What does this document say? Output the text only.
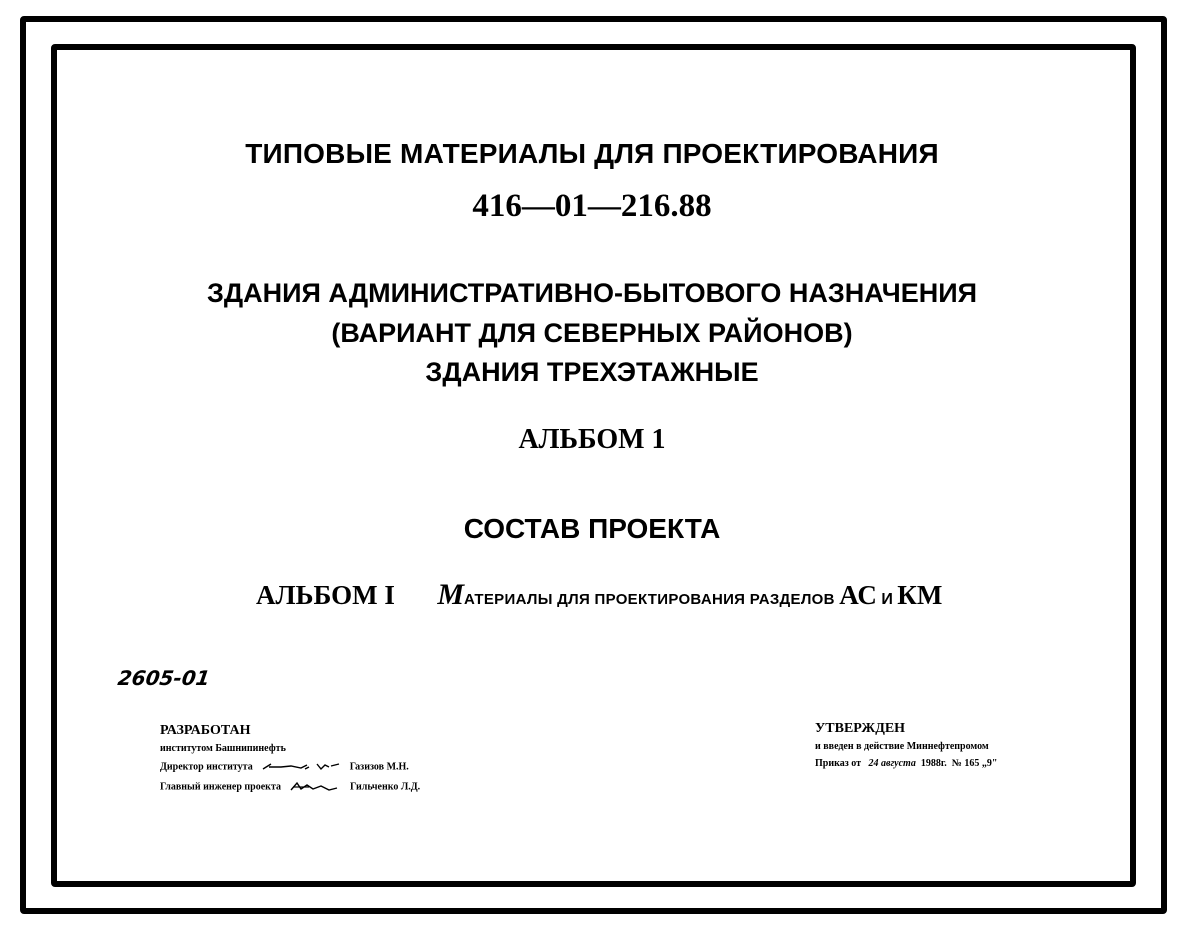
ТИПОВЫЕ МАТЕРИАЛЫ ДЛЯ ПРОЕКТИРОВАНИЯ
416—01—216.88
ЗДАНИЯ АДМИНИСТРАТИВНО-БЫТОВОГО НАЗНАЧЕНИЯ
(ВАРИАНТ ДЛЯ СЕВЕРНЫХ РАЙОНОВ)
ЗДАНИЯ ТРЕХЭТАЖНЫЕ
АЛЬБОМ 1
СОСТАВ ПРОЕКТА
АЛЬБОМ I МАТЕРИАЛЫ ДЛЯ ПРОЕКТИРОВАНИЯ РАЗДЕЛОВ АС И КМ
2605-01
РАЗРАБОТАН
институтом Башнипинефть
Директор института	Газизов М.Н.
Главный инженер проекта	Гильченко Л.Д.
УТВЕРЖДЕН
и введен в действие Миннефтепромом
Приказ от 24 августа 1988г. № 165 „9"
